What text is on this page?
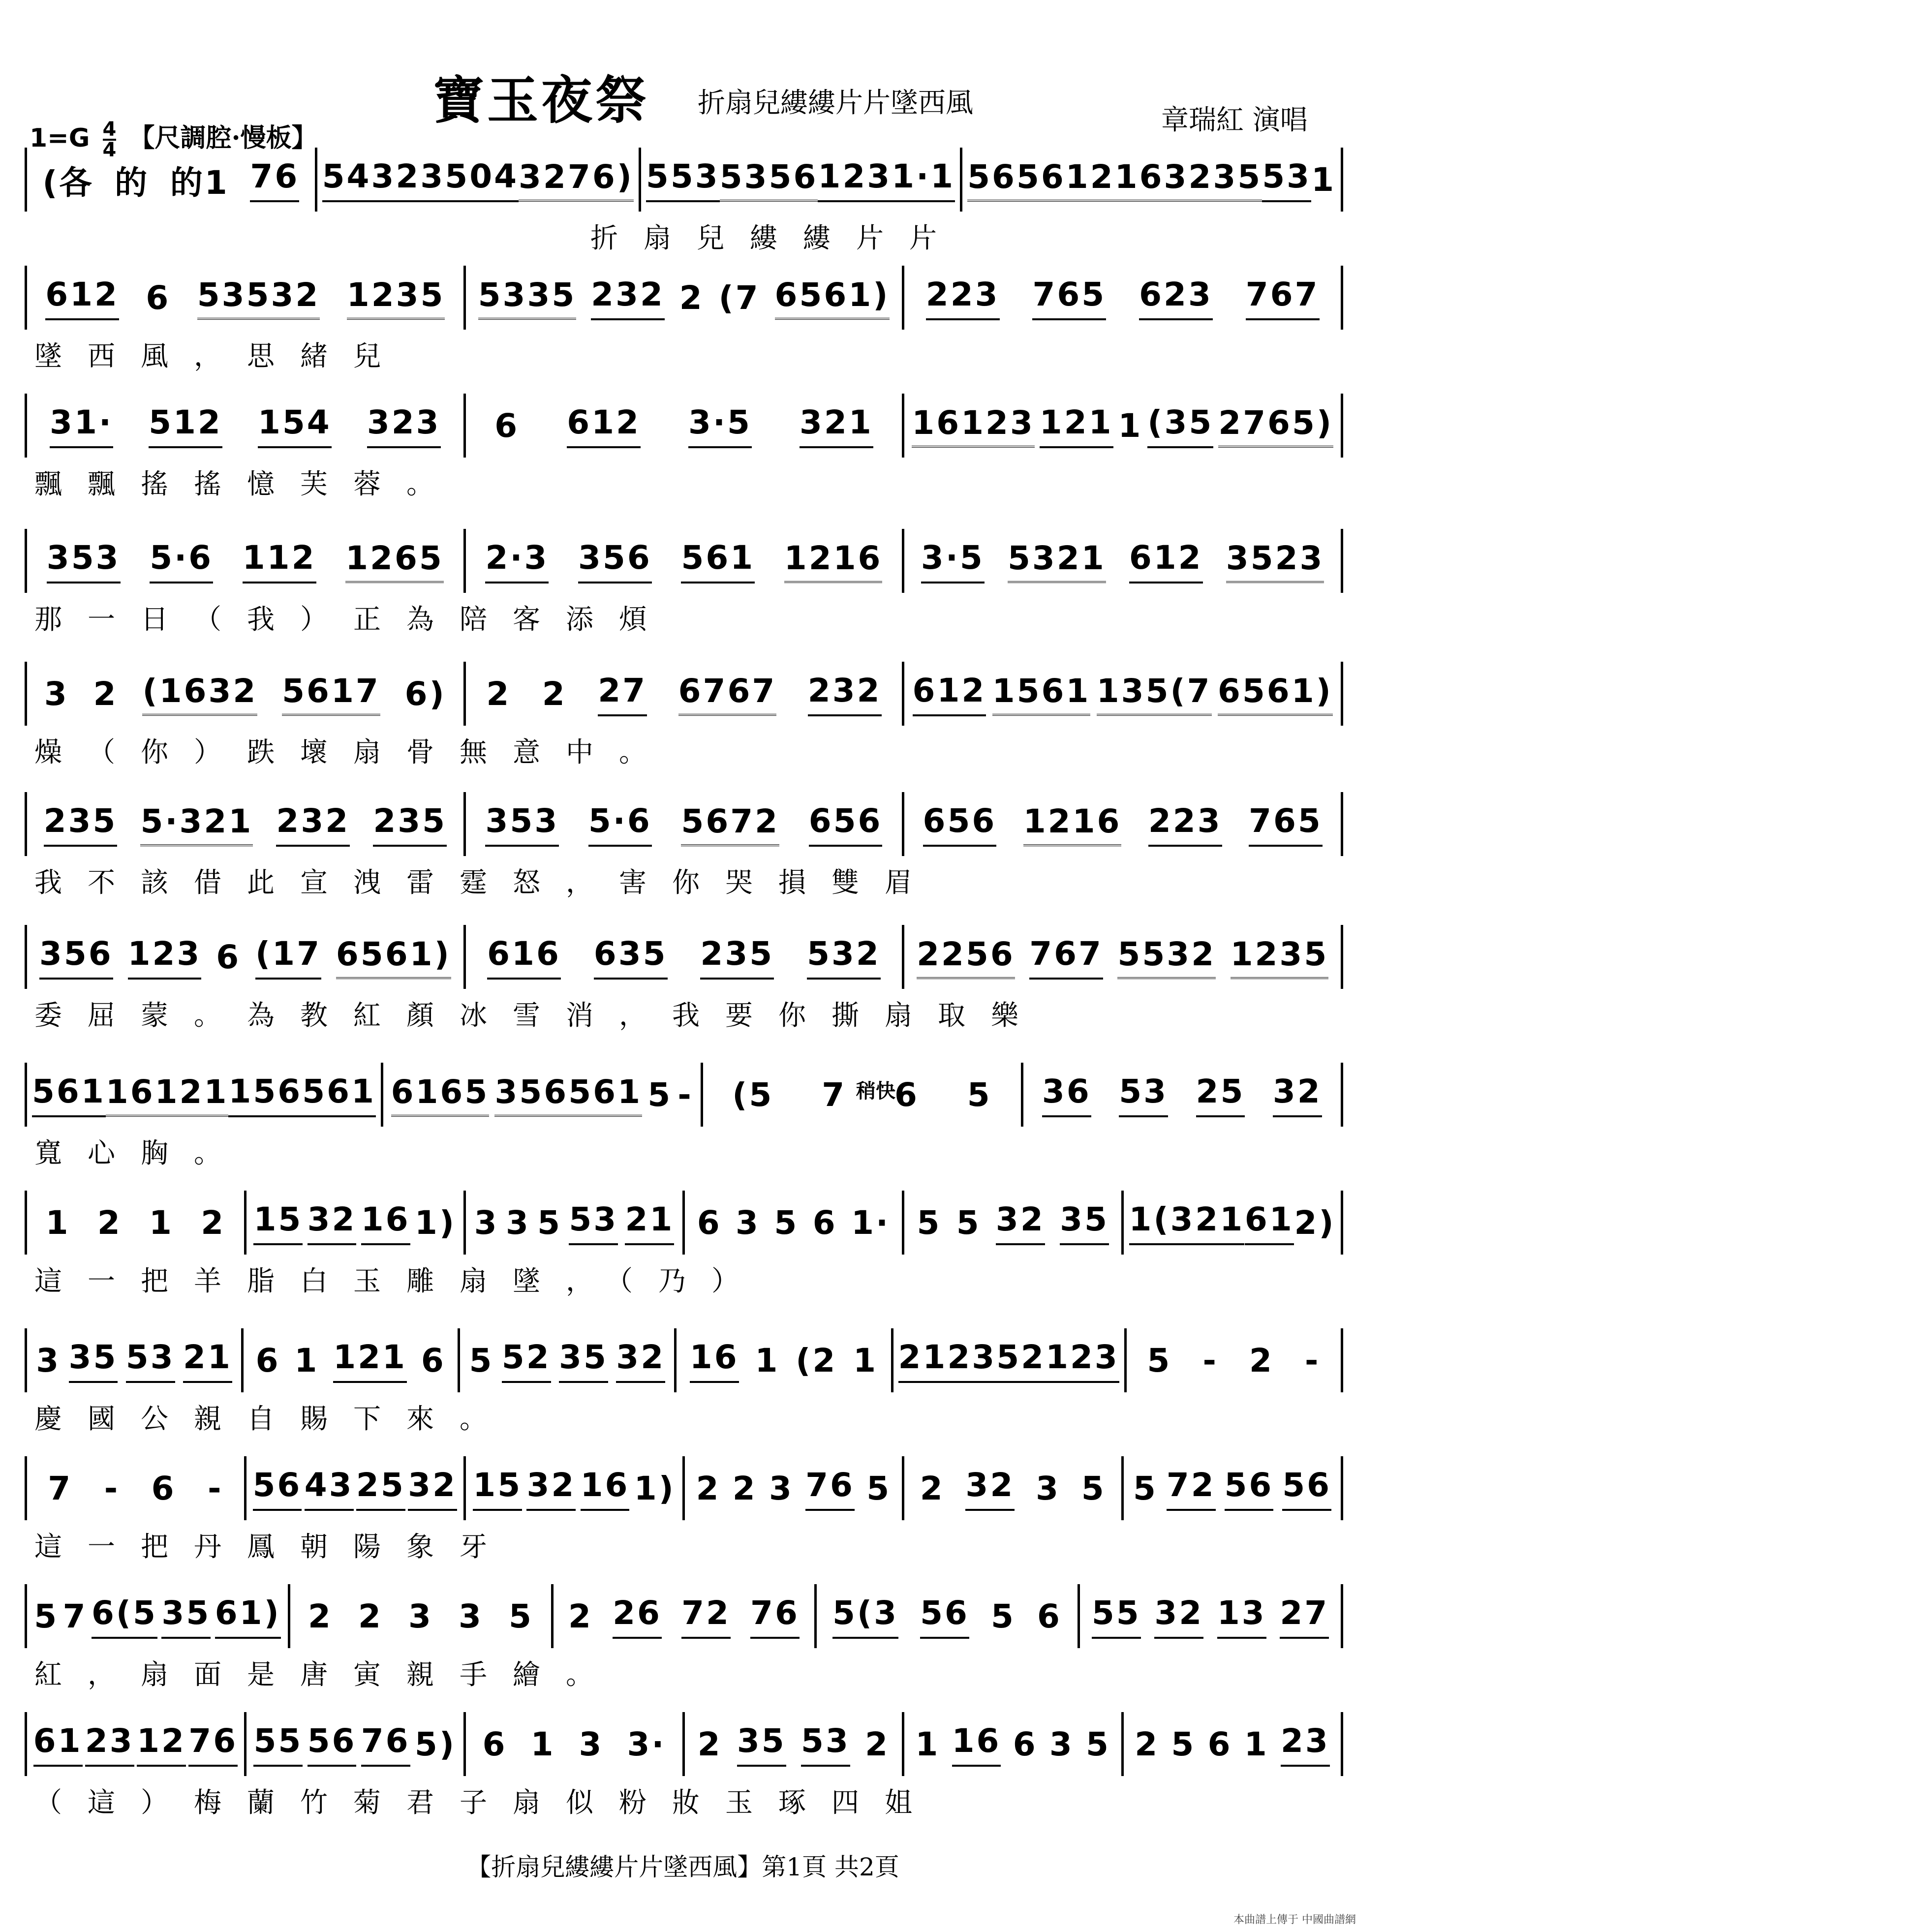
寶玉夜祭 折扇兒縷縷片片墜西風
章瑞紅 演唱
$1=G \frac{4}{4}$ 【尺調腔·慢板】
(各 的 的1 76 543 235 04 3276) 553 5356 123 1·1 5656 1216 3235 53 1
折扇兒縷縷片片
612 6 53532 1235 5335 232 2 (7 6561) 223 765 623 767
墜西風，思緒兒
31· 512 154 323 6 612 3·5 321 16123 121 1 (35 2765)
飄飄搖搖憶芙蓉。
353 5·6 112 1265 2·3 356 561 1216 3·5 5321 612 3523
那一日（我）正為陪客添煩
3 2 (1632 5617 6) 2 2 27 6767 232 612 1561 135(7 6561)
燥（你）跌壞扇骨無意中。
235 5·321 232 235 353 5·6 5672 656 656 1216 223 765
我不該借此宣洩雷霆怒，害你哭損雙眉
356 123 6 (17 6561) 616 635 235 532 2256 767 5532 1235
委屈蒙。為教紅顏冰雪消，我要你撕扇取樂
561 16121 156 561 6165 356561 5 - (5 7 6 5 36 53 25 32
寬心胸。
1 2 1 2 15 32 16 1) 3 3 5 53 21 6 3 5 6 1· 5 5 32 35 1(3 21 61 2)
這一把羊脂白玉雕扇墜，（乃）
3 35 53 21 6 1 121 6 5 52 35 32 16 1 (2 1 212 35 21 23 5 - 2 -
慶國公親自賜下來。
7 - 6 - 56 43 25 32 15 32 16 1) 2 2 3 76 5 2 32 3 5 5 72 56 56
這一把丹鳳朝陽象牙
5 7 6(5 35 61) 2 2 3 3 5 2 26 72 76 5(3 56 5 6 55 32 13 27
紅，扇面是唐寅親手繪。
61 23 12 76 55 56 76 5) 6 1 3 3· 2 35 53 2 1 16 6 3 5 2 5 6 1 23
（這）梅蘭竹菊君子扇似粉妝玉琢四姐
稍快
【折扇兒縷縷片片墜西風】第1頁 共2頁
本曲譜上傳于 中國曲譜網
